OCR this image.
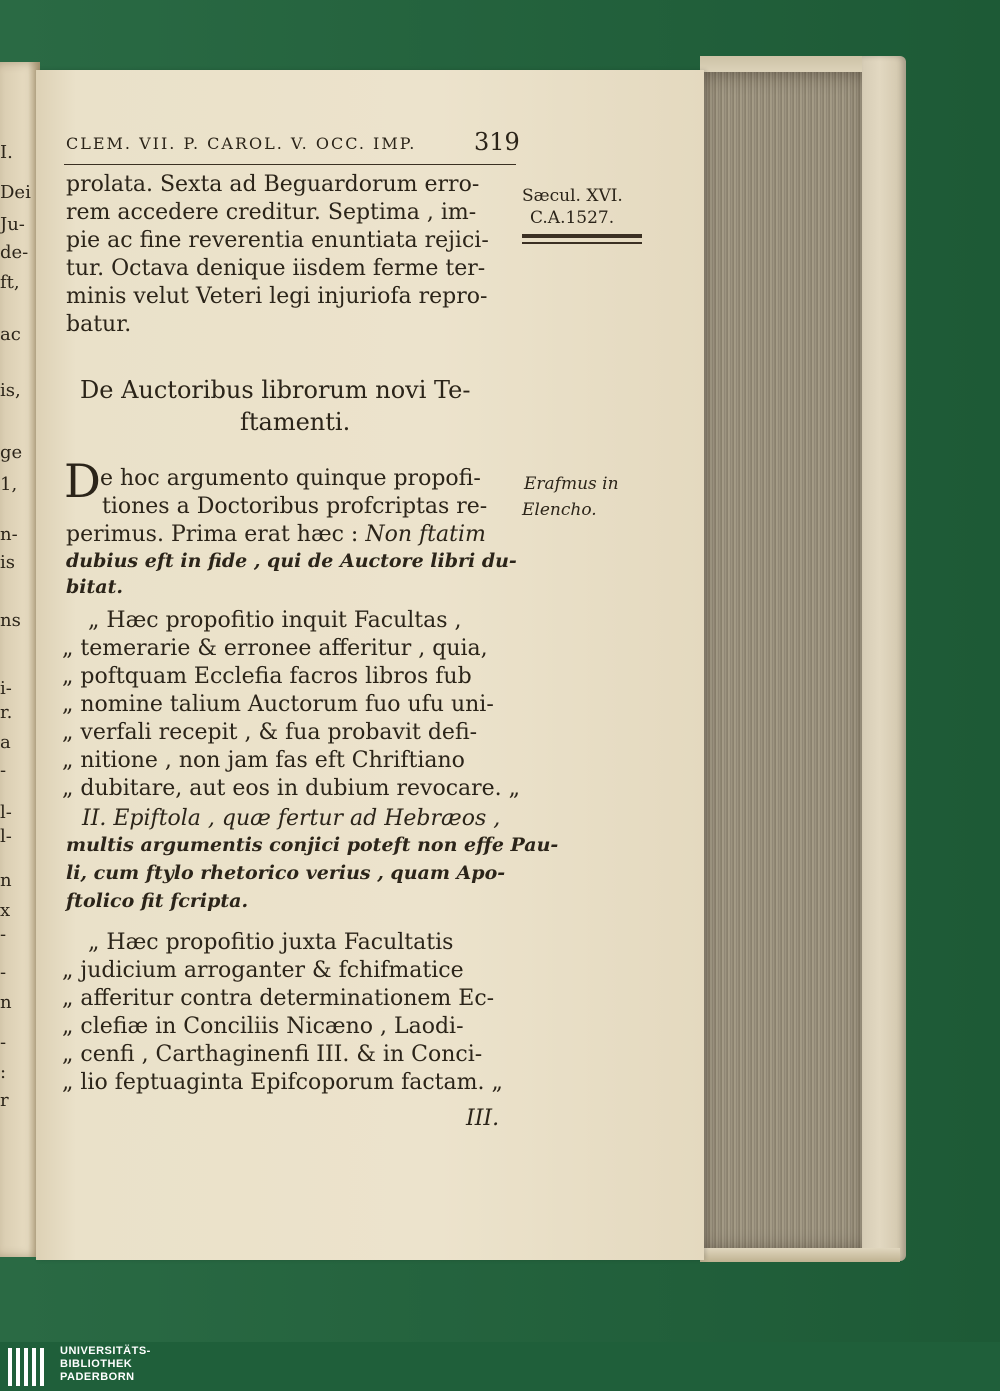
I.
Dei
Ju-
de-
ft,
ac
is,
ge
1,
n-
is
ns
i-
r.
a
-
l-
l-
n
x
-
-
n
-
:
r
CLEM. VII. P. CAROL. V. OCC. IMP. 319
Sæcul. XVI.
C.A.1527.
prolata. Sexta ad Beguardorum erro-
rem accedere creditur. Septima , im-
pie ac fine reverentia enuntiata rejici-
tur. Octava denique iisdem ferme ter-
minis velut Veteri legi injuriofa repro-
batur.
De Auctoribus librorum novi Te-
ftamenti.
D e hoc argumento quinque propofi-
tiones a Doctoribus profcriptas re-
perimus. Prima erat hæc : Non ftatim
dubius eft in fide , qui de Auctore libri du-
bitat.
Erafmus in
Elencho.
„ Hæc propofitio inquit Facultas ,
„ temerarie & erronee afferitur , quia,
„ poftquam Ecclefia facros libros fub
„ nomine talium Auctorum fuo ufu uni-
„ verfali recepit , & fua probavit defi-
„ nitione , non jam fas eft Chriftiano
„ dubitare, aut eos in dubium revocare. „
II. Epiftola , quæ fertur ad Hebræos ,
multis argumentis conjici poteft non effe Pau-
li, cum ftylo rhetorico verius , quam Apo-
ftolico fit fcripta.
„ Hæc propofitio juxta Facultatis
„ judicium arroganter & fchifmatice
„ afferitur contra determinationem Ec-
„ clefiæ in Conciliis Nicæno , Laodi-
„ cenfi , Carthaginenfi III. & in Conci-
„ lio feptuaginta Epifcoporum factam. „
III.
UNIVERSITÄTS-
BIBLIOTHEK
PADERBORN
